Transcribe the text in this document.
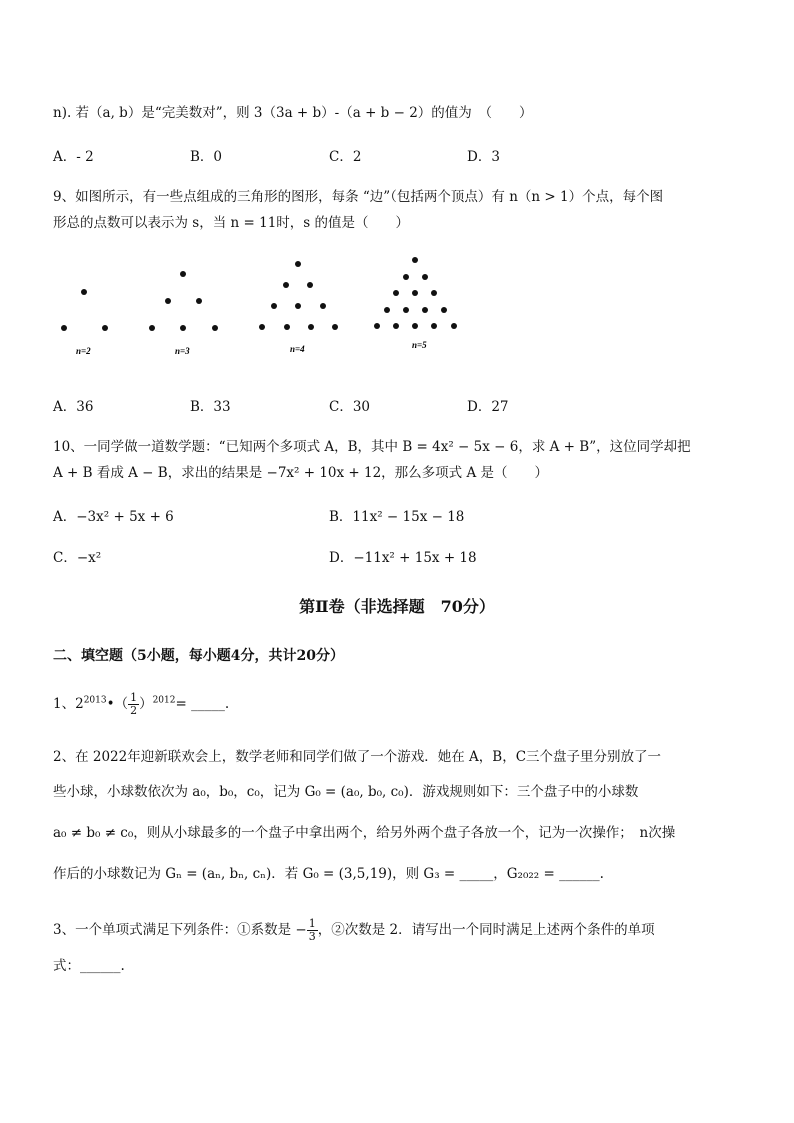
n). 若（a, b）是“完美数对”，则 3（3a + b）-（a + b − 2）的值为　（　　）
A．- 2	B．0	C．2	D．3
9、如图所示，有一些点组成的三角形的图形，每条 “边”（包括两个顶点）有 n（n > 1）个点，每个图
形总的点数可以表示为 s，当 n = 11时，s 的值是（　　）
n=2	n=3	n=4	n=5
A．36	B．33	C．30	D．27
10、一同学做一道数学题：“已知两个多项式 A，B，其中 B = 4x² − 5x − 6，求 A + B”，这位同学却把
A + B 看成 A − B，求出的结果是 −7x² + 10x + 12，那么多项式 A 是（　　）
A．−3x² + 5x + 6	B．11x² − 15x − 18
C．−x²	D．−11x² + 15x + 18
第Ⅱ卷（非选择题　70分）
二、填空题（5小题，每小题4分，共计20分）
1、$2^{2013}•( \frac{1}{2} )^{2012}=$ _____.
2、在 2022年迎新联欢会上，数学老师和同学们做了一个游戏．她在 A，B，C三个盘子里分别放了一
些小球，小球数依次为 a₀，b₀，c₀，记为 G₀ = (a₀, b₀, c₀)．游戏规则如下：三个盘子中的小球数
a₀ ≠ b₀ ≠ c₀，则从小球最多的一个盘子中拿出两个，给另外两个盘子各放一个，记为一次操作；　n次操
作后的小球数记为 Gₙ = (aₙ, bₙ, cₙ)．若 G₀ = (3,5,19)，则 G₃ = _____，G₂₀₂₂ = ______.
3、一个单项式满足下列条件：①系数是 − $\frac{1}{3}$ ，②次数是 2．请写出一个同时满足上述两个条件的单项
式：______.
